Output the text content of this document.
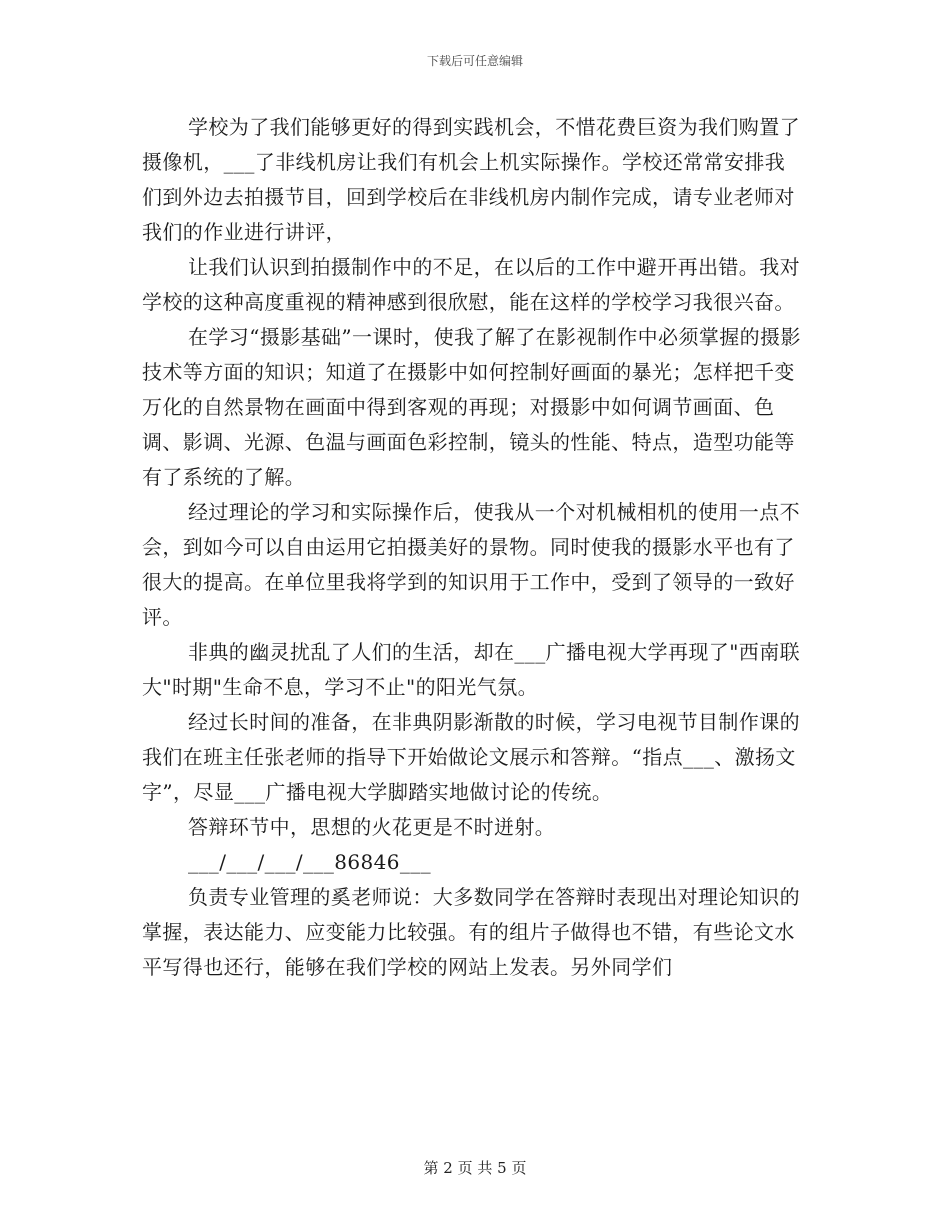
下载后可任意编辑

学校为了我们能够更好的得到实践机会，不惜花费巨资为我们购置了摄像机，___了非线机房让我们有机会上机实际操作。学校还常常安排我们到外边去拍摄节目，回到学校后在非线机房内制作完成，请专业老师对我们的作业进行讲评，

让我们认识到拍摄制作中的不足，在以后的工作中避开再出错。我对学校的这种高度重视的精神感到很欣慰，能在这样的学校学习我很兴奋。

在学习“摄影基础”一课时，使我了解了在影视制作中必须掌握的摄影技术等方面的知识；知道了在摄影中如何控制好画面的暴光；怎样把千变万化的自然景物在画面中得到客观的再现；对摄影中如何调节画面、色调、影调、光源、色温与画面色彩控制，镜头的性能、特点，造型功能等有了系统的了解。

经过理论的学习和实际操作后，使我从一个对机械相机的使用一点不会，到如今可以自由运用它拍摄美好的景物。同时使我的摄影水平也有了很大的提高。在单位里我将学到的知识用于工作中，受到了领导的一致好评。

非典的幽灵扰乱了人们的生活，却在___广播电视大学再现了"西南联大"时期"生命不息，学习不止"的阳光气氛。

经过长时间的准备，在非典阴影渐散的时候，学习电视节目制作课的我们在班主任张老师的指导下开始做论文展示和答辩。“指点___、激扬文字”，尽显___广播电视大学脚踏实地做讨论的传统。

答辩环节中，思想的火花更是不时迸射。

___/___/___/___86846___

负责专业管理的奚老师说：大多数同学在答辩时表现出对理论知识的掌握，表达能力、应变能力比较强。有的组片子做得也不错，有些论文水平写得也还行，能够在我们学校的网站上发表。另外同学们

第 2 页 共 5 页
